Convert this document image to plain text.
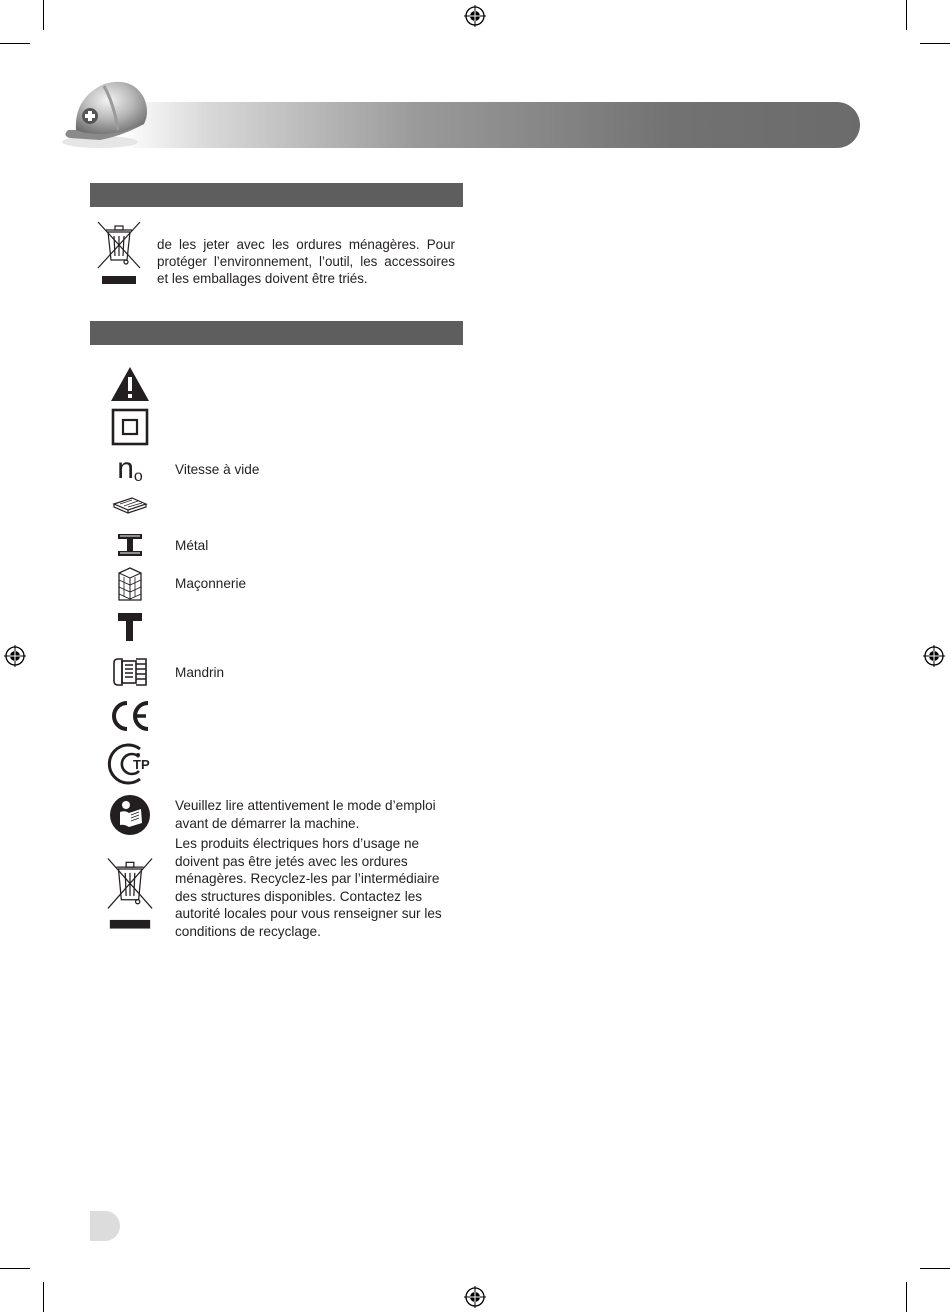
de les jeter avec les ordures ménagères. Pour protéger l’environnement, l’outil, les accessoires et les emballages doivent être triés.
n o Vitesse à vide
Métal
Maçonnerie
Mandrin
TP
Veuillez lire attentivement le mode d’emploi avant de démarrer la machine.
Les produits électriques hors d’usage ne doivent pas être jetés avec les ordures ménagères. Recyclez-les par l’intermédiaire des structures disponibles. Contactez les autorité locales pour vous renseigner sur les conditions de recyclage.
